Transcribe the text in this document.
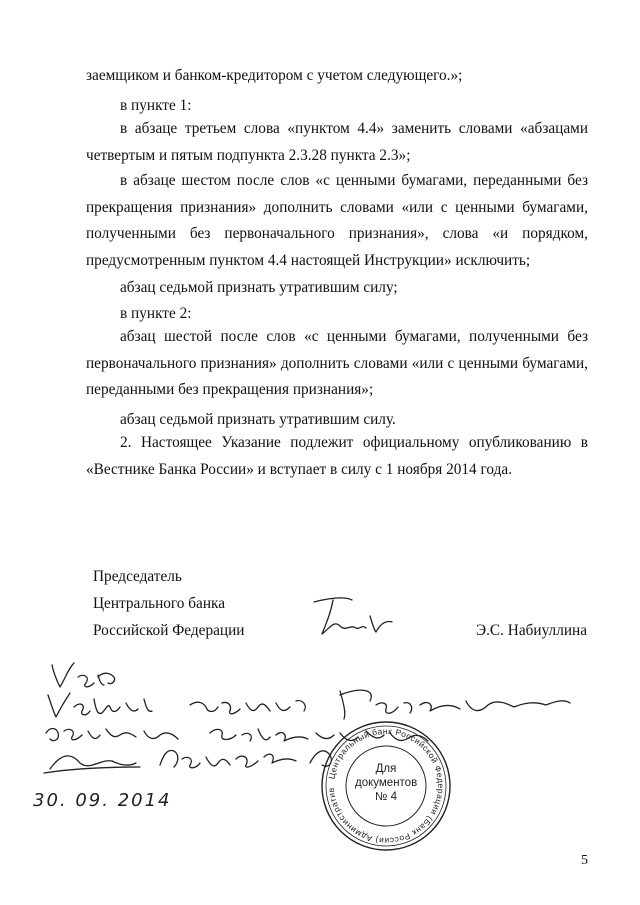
заемщиком и банком-кредитором с учетом следующего.»;

в пункте 1:

в абзаце третьем слова «пунктом 4.4» заменить словами «абзацами четвертым и пятым подпункта 2.3.28 пункта 2.3»;

в абзаце шестом после слов «с ценными бумагами, переданными без прекращения признания» дополнить словами «или с ценными бумагами, полученными без первоначального признания», слова «и порядком, предусмотренным пунктом 4.4 настоящей Инструкции» исключить;

абзац седьмой признать утратившим силу;

в пункте 2:

абзац шестой после слов «с ценными бумагами, полученными без первоначального признания» дополнить словами «или с ценными бумагами, переданными без прекращения признания»;

абзац седьмой признать утратившим силу.

2. Настоящее Указание подлежит официальному опубликованию в «Вестнике Банка России» и вступает в силу с 1 ноября 2014 года.

Председатель

Центрального банка

Российской Федерации	Э.С. Набиуллина

30. 09. 2014
Центральный банк Российской Федерации (Банк России) Административный департамент
Для
документов
№ 4
5
